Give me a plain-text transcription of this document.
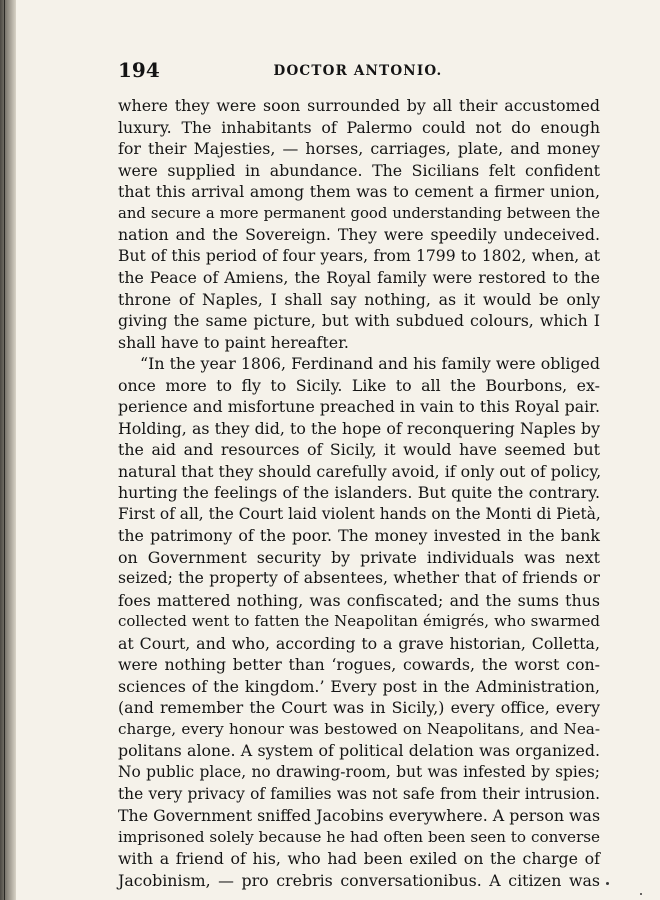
194	DOCTOR ANTONIO.
where they were soon surrounded by all their accustomed
luxury. The inhabitants of Palermo could not do enough
for their Majesties, — horses, carriages, plate, and money
were supplied in abundance. The Sicilians felt confident
that this arrival among them was to cement a firmer union,
and secure a more permanent good understanding between the
nation and the Sovereign. They were speedily undeceived.
But of this period of four years, from 1799 to 1802, when, at
the Peace of Amiens, the Royal family were restored to the
throne of Naples, I shall say nothing, as it would be only
giving the same picture, but with subdued colours, which I
shall have to paint hereafter.
“In the year 1806, Ferdinand and his family were obliged
once more to fly to Sicily. Like to all the Bourbons, ex-
perience and misfortune preached in vain to this Royal pair.
Holding, as they did, to the hope of reconquering Naples by
the aid and resources of Sicily, it would have seemed but
natural that they should carefully avoid, if only out of policy,
hurting the feelings of the islanders. But quite the contrary.
First of all, the Court laid violent hands on the Monti di Pietà,
the patrimony of the poor. The money invested in the bank
on Government security by private individuals was next
seized; the property of absentees, whether that of friends or
foes mattered nothing, was confiscated; and the sums thus
collected went to fatten the Neapolitan émigrés, who swarmed
at Court, and who, according to a grave historian, Colletta,
were nothing better than ‘rogues, cowards, the worst con-
sciences of the kingdom.’ Every post in the Administration,
(and remember the Court was in Sicily,) every office, every
charge, every honour was bestowed on Neapolitans, and Nea-
politans alone. A system of political delation was organized.
No public place, no drawing-room, but was infested by spies;
the very privacy of families was not safe from their intrusion.
The Government sniffed Jacobins everywhere. A person was
imprisoned solely because he had often been seen to converse
with a friend of his, who had been exiled on the charge of
Jacobinism, — pro crebris conversationibus. A citizen was
